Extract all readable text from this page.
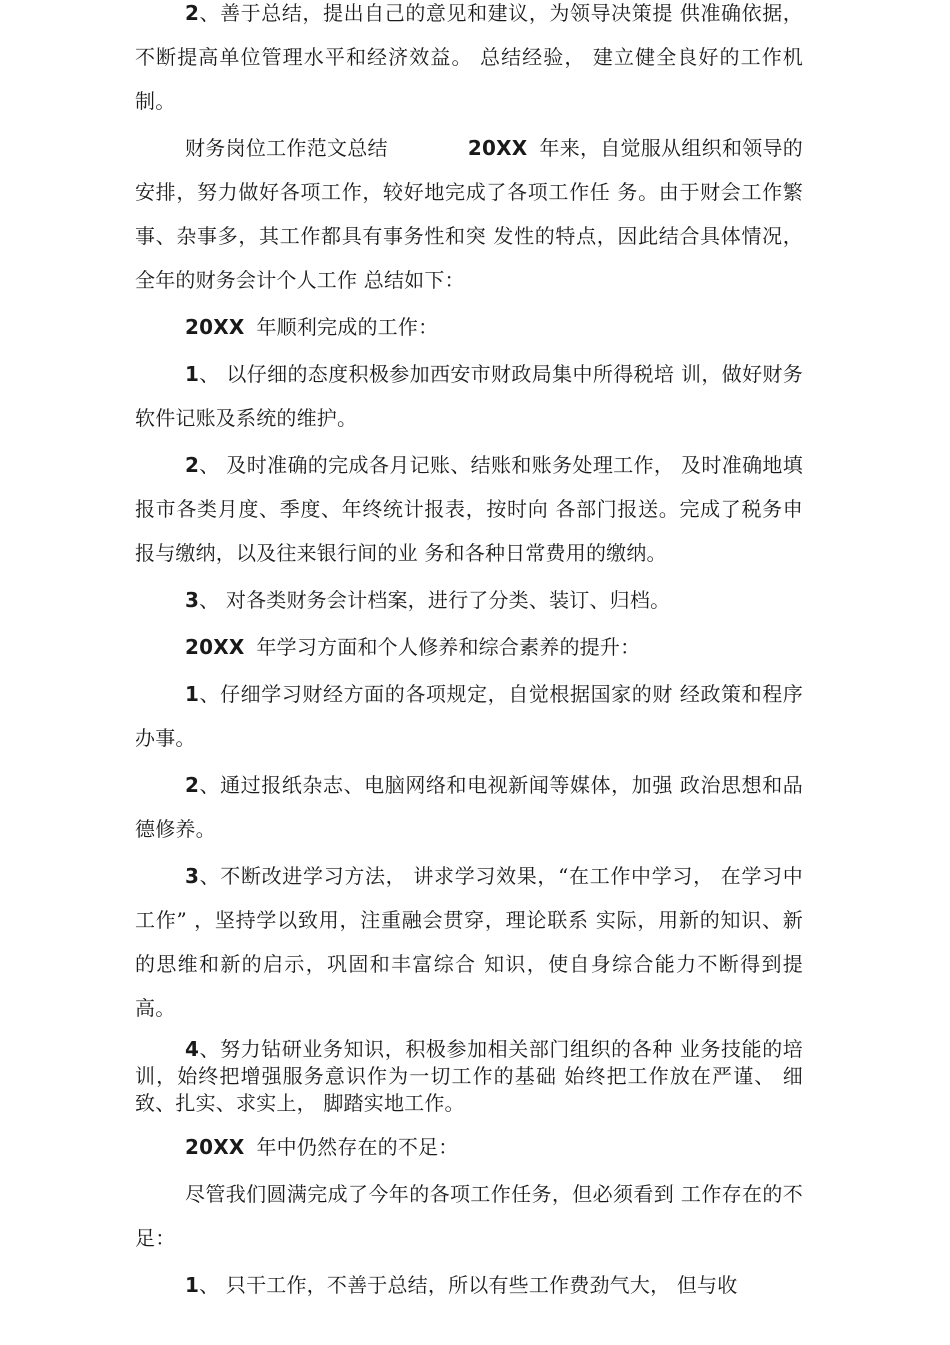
2、善于总结，提出自己的意见和建议，为领导决策提 供准确依据， 不断提高单位管理水平和经济效益。 总结经验， 建立健全良好的工作机制。

财务岗位工作范文总结	20XX 年来，自觉服从组织和领导的安排，努力做好各项工作，较好地完成了各项工作任 务。由于财会工作繁事、杂事多，其工作都具有事务性和突 发性的特点，因此结合具体情况，全年的财务会计个人工作 总结如下：

20XX 年顺利完成的工作：

1、 以仔细的态度积极参加西安市财政局集中所得税培 训，做好财务软件记账及系统的维护。

2、 及时准确的完成各月记账、结账和账务处理工作， 及时准确地填报市各类月度、季度、年终统计报表，按时向 各部门报送。完成了税务申报与缴纳，以及往来银行间的业 务和各种日常费用的缴纳。

3、 对各类财务会计档案，进行了分类、装订、归档。

20XX 年学习方面和个人修养和综合素养的提升：

1、仔细学习财经方面的各项规定，自觉根据国家的财 经政策和程序办事。

2、通过报纸杂志、电脑网络和电视新闻等媒体，加强 政治思想和品德修养。

3、不断改进学习方法， 讲求学习效果，“在工作中学习， 在学习中工作” ，坚持学以致用，注重融会贯穿，理论联系 实际，用新的知识、新的思维和新的启示，巩固和丰富综合 知识，使自身综合能力不断得到提高。

4、努力钻研业务知识，积极参加相关部门组织的各种 业务技能的培训，始终把增强服务意识作为一切工作的基础 始终把工作放在严谨、 细致、扎实、求实上， 脚踏实地工作。

20XX 年中仍然存在的不足：

尽管我们圆满完成了今年的各项工作任务，但必须看到 工作存在的不足：

1、 只干工作，不善于总结，所以有些工作费劲气大， 但与收
